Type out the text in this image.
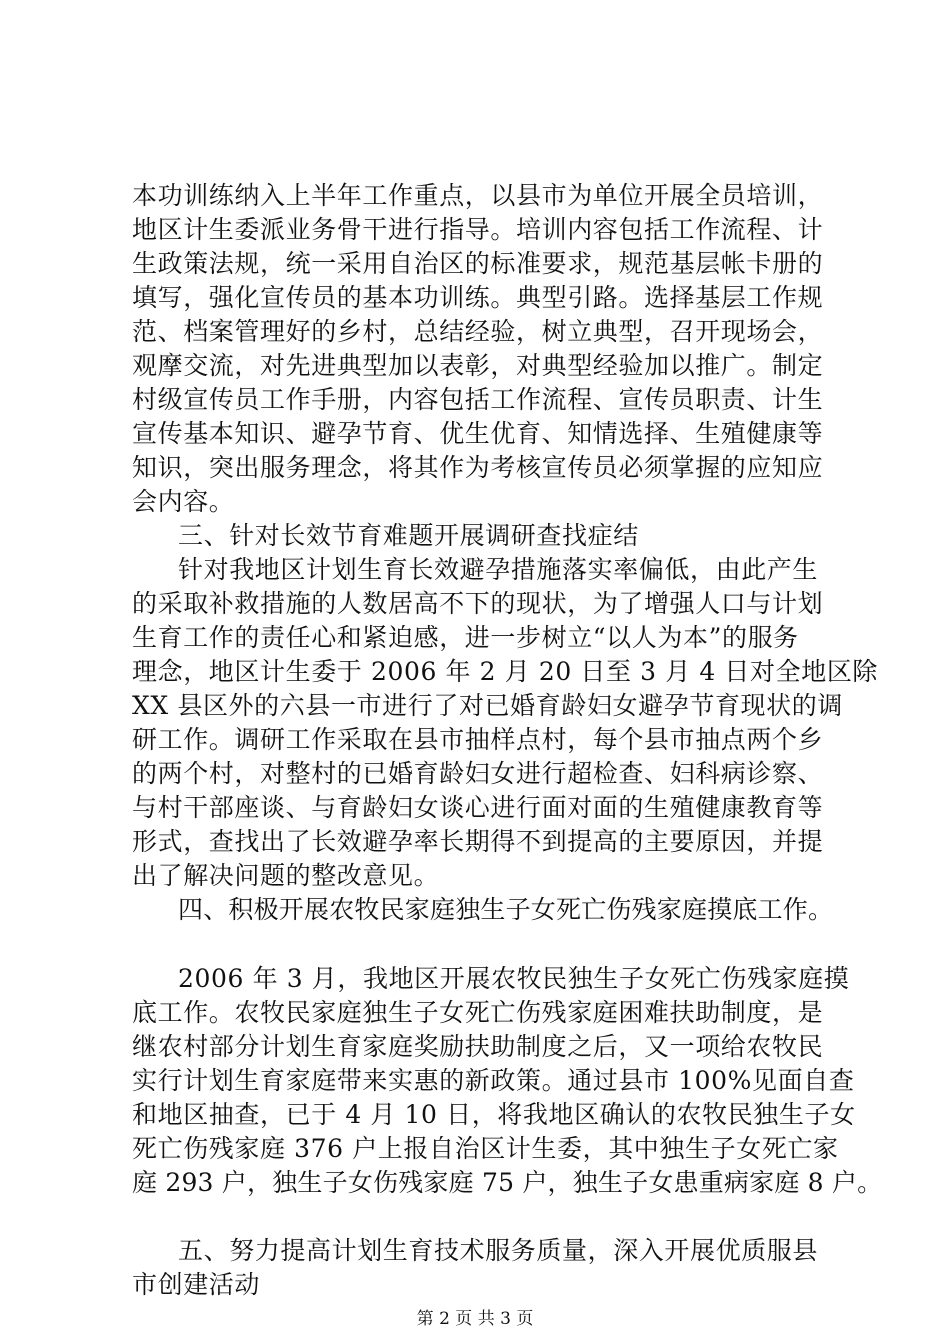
本功训练纳入上半年工作重点，以县市为单位开展全员培训，
地区计生委派业务骨干进行指导。培训内容包括工作流程、计
生政策法规，统一采用自治区的标准要求，规范基层帐卡册的
填写，强化宣传员的基本功训练。典型引路。选择基层工作规
范、档案管理好的乡村，总结经验，树立典型，召开现场会，
观摩交流，对先进典型加以表彰，对典型经验加以推广。制定
村级宣传员工作手册，内容包括工作流程、宣传员职责、计生
宣传基本知识、避孕节育、优生优育、知情选择、生殖健康等
知识，突出服务理念，将其作为考核宣传员必须掌握的应知应
会内容。
三、针对长效节育难题开展调研查找症结
针对我地区计划生育长效避孕措施落实率偏低，由此产生
的采取补救措施的人数居高不下的现状，为了增强人口与计划
生育工作的责任心和紧迫感，进一步树立“以人为本”的服务
理念，地区计生委于 2006 年 2 月 20 日至 3 月 4 日对全地区除
XX 县区外的六县一市进行了对已婚育龄妇女避孕节育现状的调
研工作。调研工作采取在县市抽样点村，每个县市抽点两个乡
的两个村，对整村的已婚育龄妇女进行超检查、妇科病诊察、
与村干部座谈、与育龄妇女谈心进行面对面的生殖健康教育等
形式，查找出了长效避孕率长期得不到提高的主要原因，并提
出了解决问题的整改意见。
四、积极开展农牧民家庭独生子女死亡伤残家庭摸底工作。
2006 年 3 月，我地区开展农牧民独生子女死亡伤残家庭摸
底工作。农牧民家庭独生子女死亡伤残家庭困难扶助制度，是
继农村部分计划生育家庭奖励扶助制度之后，又一项给农牧民
实行计划生育家庭带来实惠的新政策。通过县市 100%见面自查
和地区抽查，已于 4 月 10 日，将我地区确认的农牧民独生子女
死亡伤残家庭 376 户上报自治区计生委，其中独生子女死亡家
庭 293 户，独生子女伤残家庭 75 户，独生子女患重病家庭 8 户。
五、努力提高计划生育技术服务质量，深入开展优质服县
市创建活动
第 2 页 共 3 页
